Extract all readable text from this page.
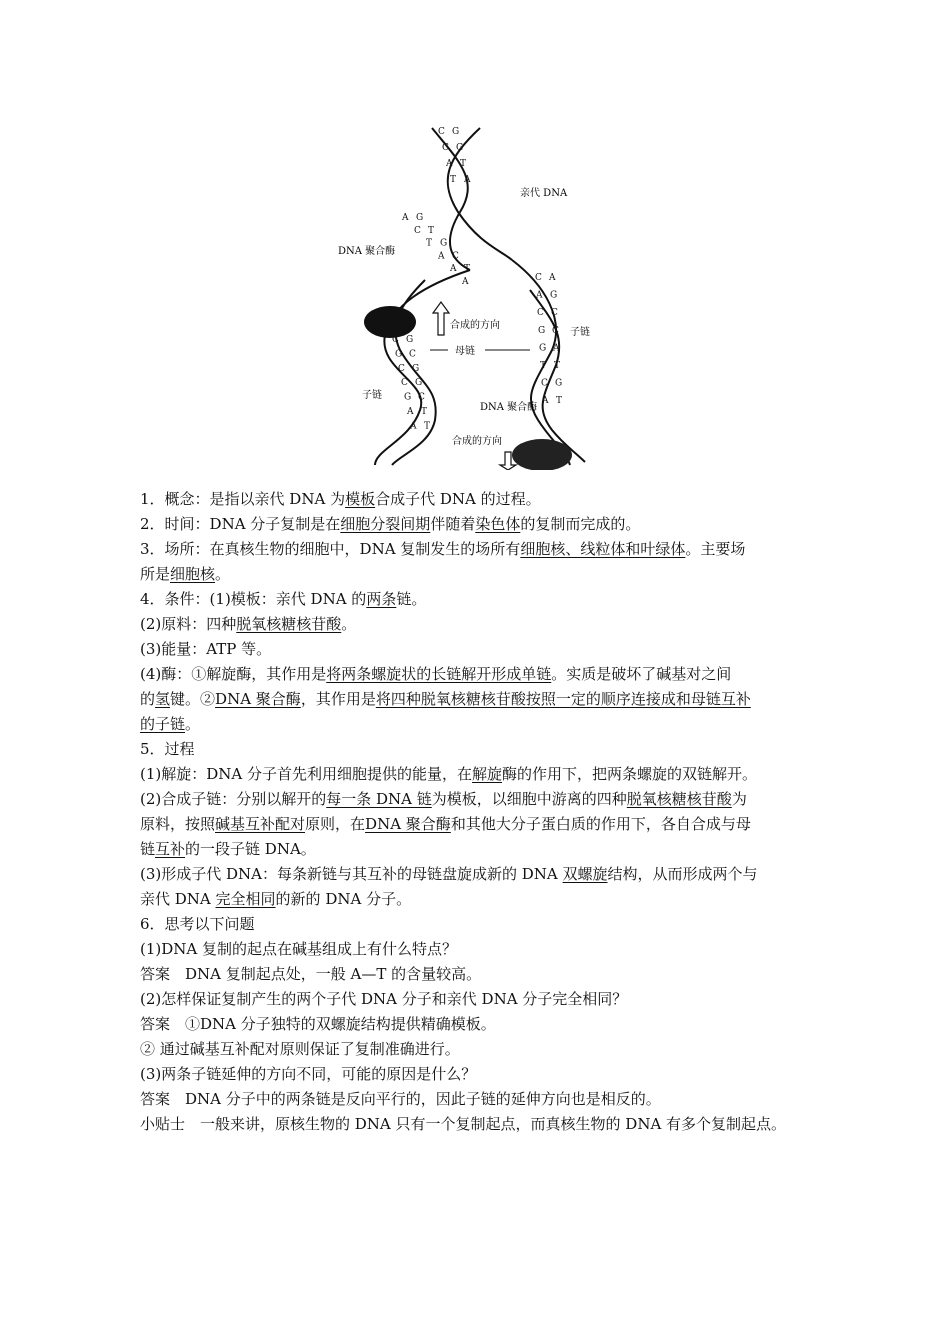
C G
C G
A T
T A
A G
C T
T G
A C
A T
A
C G
G C
C G
C G
G C
A T
A T
C A
A G
C C
G C
G A
T T
C G
A T
亲代 DNA
DNA 聚合酶
合成的方向
母链
子链
子链
DNA 聚合酶
合成的方向

1．概念：是指以亲代 DNA 为模板合成子代 DNA 的过程。

2．时间：DNA 分子复制是在细胞分裂间期伴随着染色体的复制而完成的。

3．场所：在真核生物的细胞中，DNA 复制发生的场所有细胞核、线粒体和叶绿体。主要场

所是细胞核。

4．条件：(1)模板：亲代 DNA 的两条链。

(2)原料：四种脱氧核糖核苷酸。

(3)能量：ATP 等。

(4)酶：①解旋酶，其作用是将两条螺旋状的长链解开形成单链。实质是破坏了碱基对之间

的氢键。②DNA 聚合酶，其作用是将四种脱氧核糖核苷酸按照一定的顺序连接成和母链互补

的子链。

5．过程

(1)解旋：DNA 分子首先利用细胞提供的能量，在解旋酶的作用下，把两条螺旋的双链解开。

(2)合成子链：分别以解开的每一条 DNA 链为模板，以细胞中游离的四种脱氧核糖核苷酸为

原料，按照碱基互补配对原则，在DNA 聚合酶和其他大分子蛋白质的作用下，各自合成与母

链互补的一段子链 DNA。

(3)形成子代 DNA：每条新链与其互补的母链盘旋成新的 DNA 双螺旋结构，从而形成两个与

亲代 DNA 完全相同的新的 DNA 分子。

6．思考以下问题

(1)DNA 复制的起点在碱基组成上有什么特点？

答案　DNA 复制起点处，一般 A—T 的含量较高。

(2)怎样保证复制产生的两个子代 DNA 分子和亲代 DNA 分子完全相同？

答案　①DNA 分子独特的双螺旋结构提供精确模板。

② 通过碱基互补配对原则保证了复制准确进行。

(3)两条子链延伸的方向不同，可能的原因是什么？

答案　DNA 分子中的两条链是反向平行的，因此子链的延伸方向也是相反的。

小贴士　一般来讲，原核生物的 DNA 只有一个复制起点，而真核生物的 DNA 有多个复制起点。
